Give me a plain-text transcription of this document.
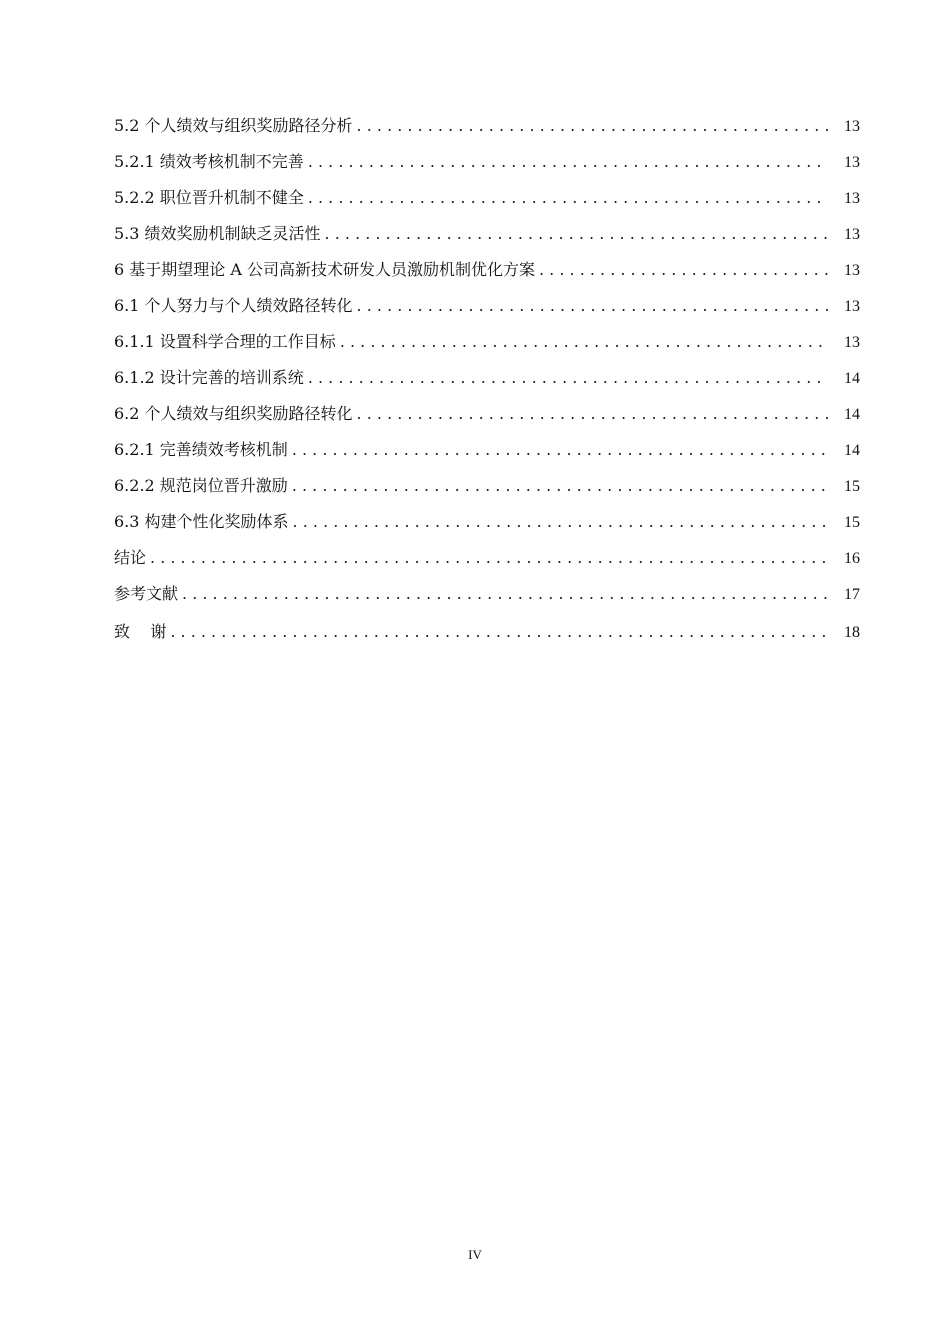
5.2 个人绩效与组织奖励路径分析 . . .	13
5.2.1 绩效考核机制不完善 . . .	13
5.2.2 职位晋升机制不健全 . . .	13
5.3 绩效奖励机制缺乏灵活性 . . .	13
6 基于期望理论 A 公司高新技术研发人员激励机制优化方案 . . .	13
6.1 个人努力与个人绩效路径转化 . . .	13
6.1.1 设置科学合理的工作目标 . . .	13
6.1.2 设计完善的培训系统 . . .	14
6.2 个人绩效与组织奖励路径转化 . . .	14
6.2.1 完善绩效考核机制 . . .	14
6.2.2 规范岗位晋升激励 . . .	15
6.3 构建个性化奖励体系 . . .	15
结论 . . .	16
参考文献 . . .	17
致    谢 . . .	18
IV
